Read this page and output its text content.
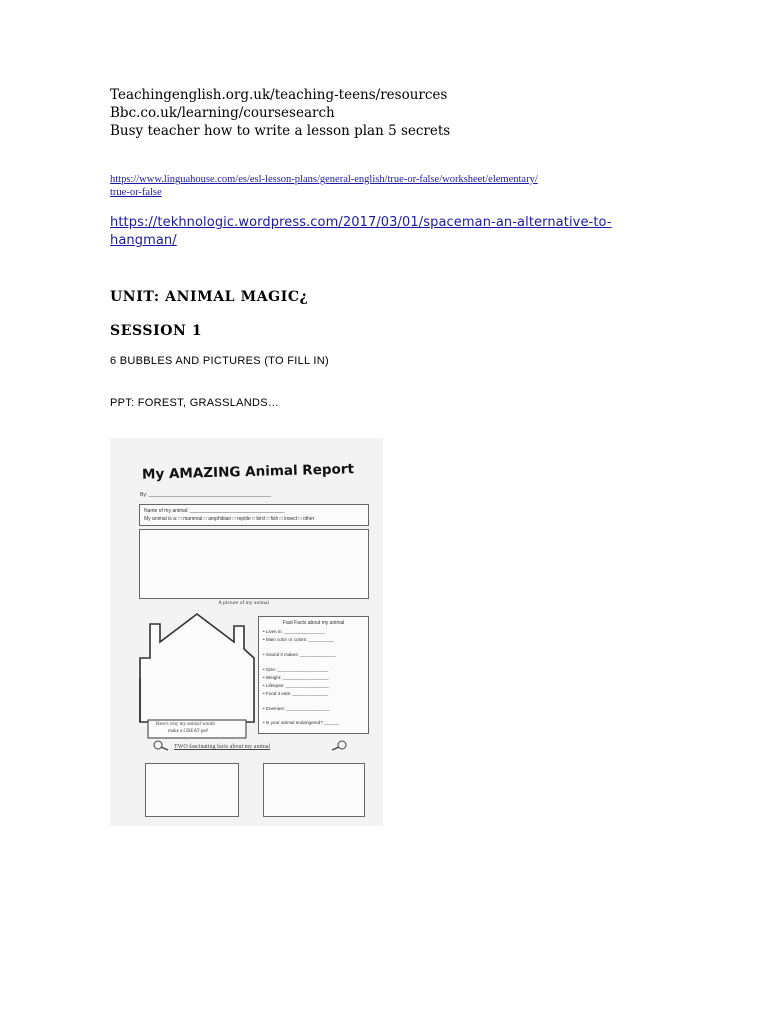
Teachingenglish.org.uk/teaching-teens/resources
Bbc.co.uk/learning/coursesearch
Busy teacher how to write a lesson plan 5 secrets
https://www.linguahouse.com/es/esl-lesson-plans/general-english/true-or-false/worksheet/elementary/
true-or-false
https://tekhnologic.wordpress.com/2017/03/01/spaceman-an-alternative-to-
hangman/
UNIT: ANIMAL MAGIC¿
SESSION 1
6 BUBBLES AND PICTURES (TO FILL IN)
PPT: FOREST, GRASSLANDS…
My AMAZING Animal Report
By: ____________________________________________
Name of my animal: __________________________________
My animal is a: □ mammal □ amphibian □ reptile □ bird □ fish □ insect □ other
A picture of my animal
Here's why my animal would
make a GREAT pet!
Fast Facts about my animal
• Lives in: ________________
• Main color or colors: __________
• Sound it makes: ______________
• Size: ____________________
• Weight: __________________
• Lifespan: _________________
• Food it eats: ______________
• Enemies: _________________
• Is your animal endangered? ______
TWO fascinating facts about my animal
